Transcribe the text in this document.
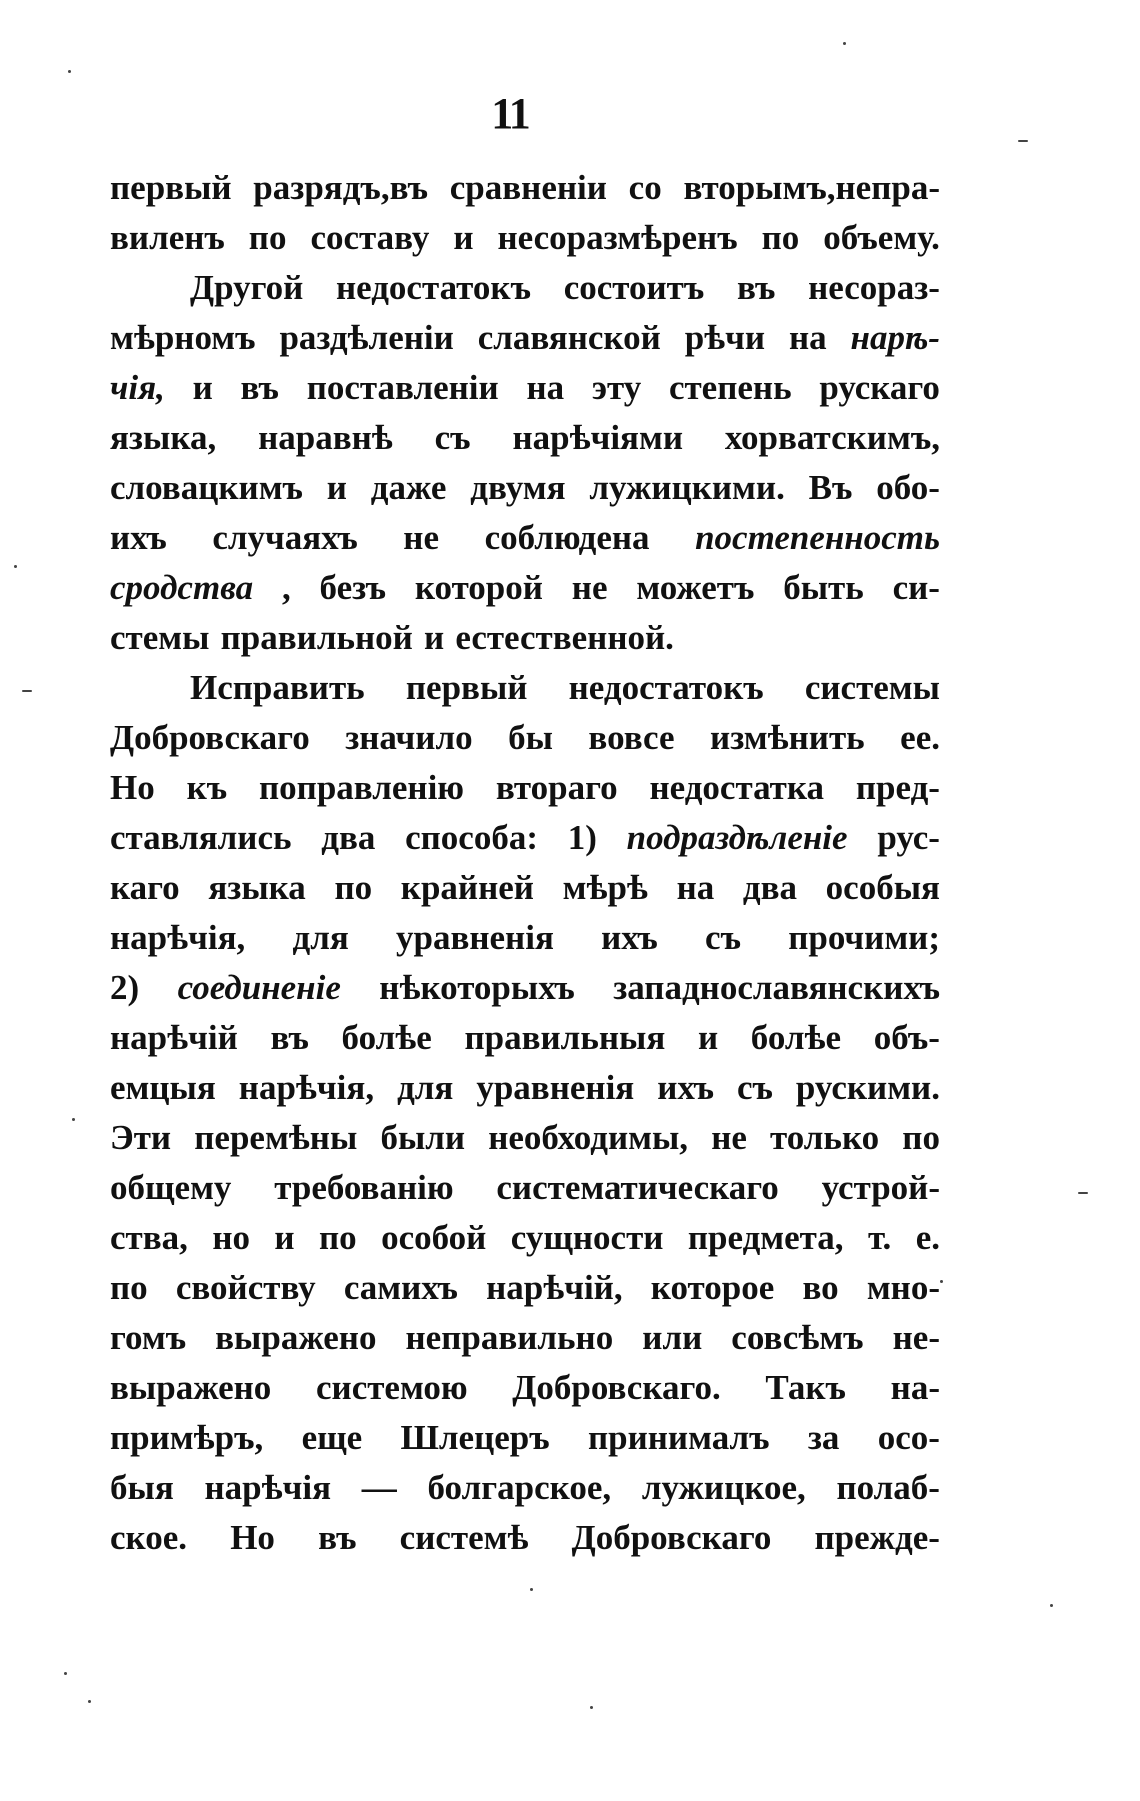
11
первый разрядъ,въ сравненіи со вторымъ,непра-
виленъ по составу и несоразмѣренъ по объему.
Другой недостатокъ состоитъ въ несораз-
мѣрномъ раздѣленіи славянской рѣчи на нарѣ-
чія, и въ поставленіи на эту степень рускаго
языка, наравнѣ съ нарѣчіями хорватскимъ,
словацкимъ и даже двумя лужицкими. Въ обо-
ихъ случаяхъ не соблюдена постепенность
сродства , безъ которой не можетъ быть си-
стемы правильной и естественной.
Исправить первый недостатокъ системы
Добровскаго значило бы вовсе измѣнить ее.
Но къ поправленію втораго недостатка пред-
ставлялись два способа: 1) подраздѣленіе рус-
каго языка по крайней мѣрѣ на два особыя
нарѣчія, для уравненія ихъ съ прочими;
2) соединеніе нѣкоторыхъ западнославянскихъ
нарѣчій въ болѣе правильныя и болѣе объ-
емцыя нарѣчія, для уравненія ихъ съ рускими.
Эти перемѣны были необходимы, не только по
общему требованію систематическаго устрой-
ства, но и по особой сущности предмета, т. е.
по свойству самихъ нарѣчій, которое во мно-
гомъ выражено неправильно или совсѣмъ не-
выражено системою Добровскаго. Такъ на-
примѣръ, еще Шлецеръ принималъ за осо-
быя нарѣчія — болгарское, лужицкое, полаб-
ское. Но въ системѣ Добровскаго прежде-
